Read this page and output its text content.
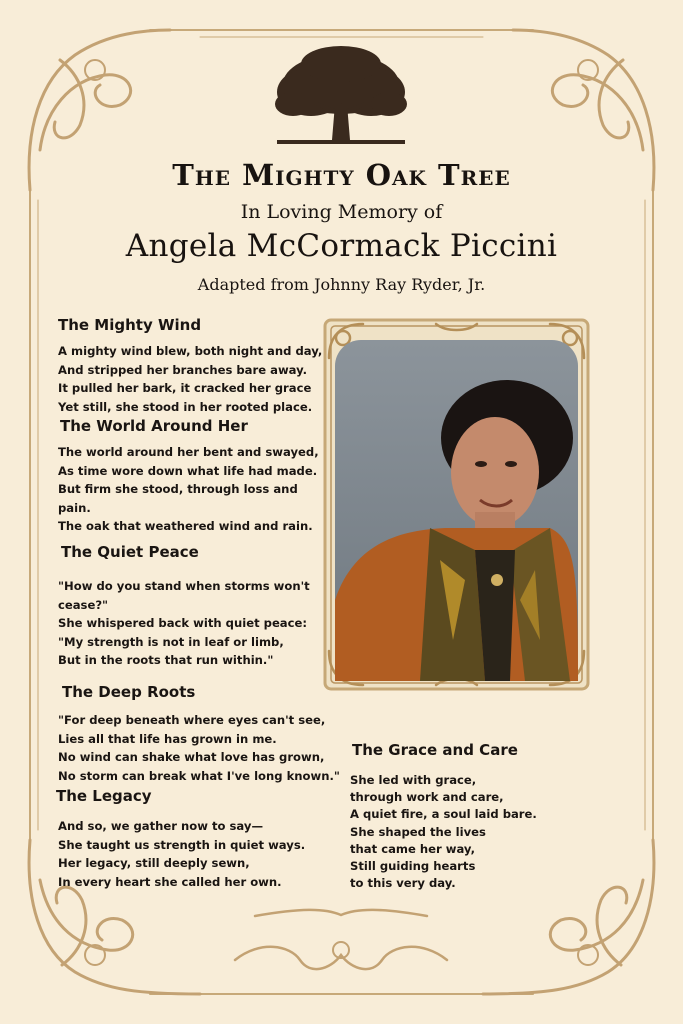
The Mighty Oak Tree
In Loving Memory of
Angela McCormack Piccini
Adapted from Johnny Ray Ryder, Jr.
The Mighty Wind
A mighty wind blew, both night and day,
And stripped her branches bare away.
It pulled her bark, it cracked her grace
Yet still, she stood in her rooted place.
The World Around Her
The world around her bent and swayed,
As time wore down what life had made.
But firm she stood, through loss and
pain.
The oak that weathered wind and rain.
The Quiet Peace
"How do you stand when storms won't
cease?"
She whispered back with quiet peace:
"My strength is not in leaf or limb,
But in the roots that run within."
The Deep Roots
"For deep beneath where eyes can't see,
Lies all that life has grown in me.
No wind can shake what love has grown,
No storm can break what I've long known."
The Legacy
And so, we gather now to say—
She taught us strength in quiet ways.
Her legacy, still deeply sewn,
In every heart she called her own.
The Grace and Care
She led with grace,
through work and care,
A quiet fire, a soul laid bare.
She shaped the lives
that came her way,
Still guiding hearts
to this very day.
